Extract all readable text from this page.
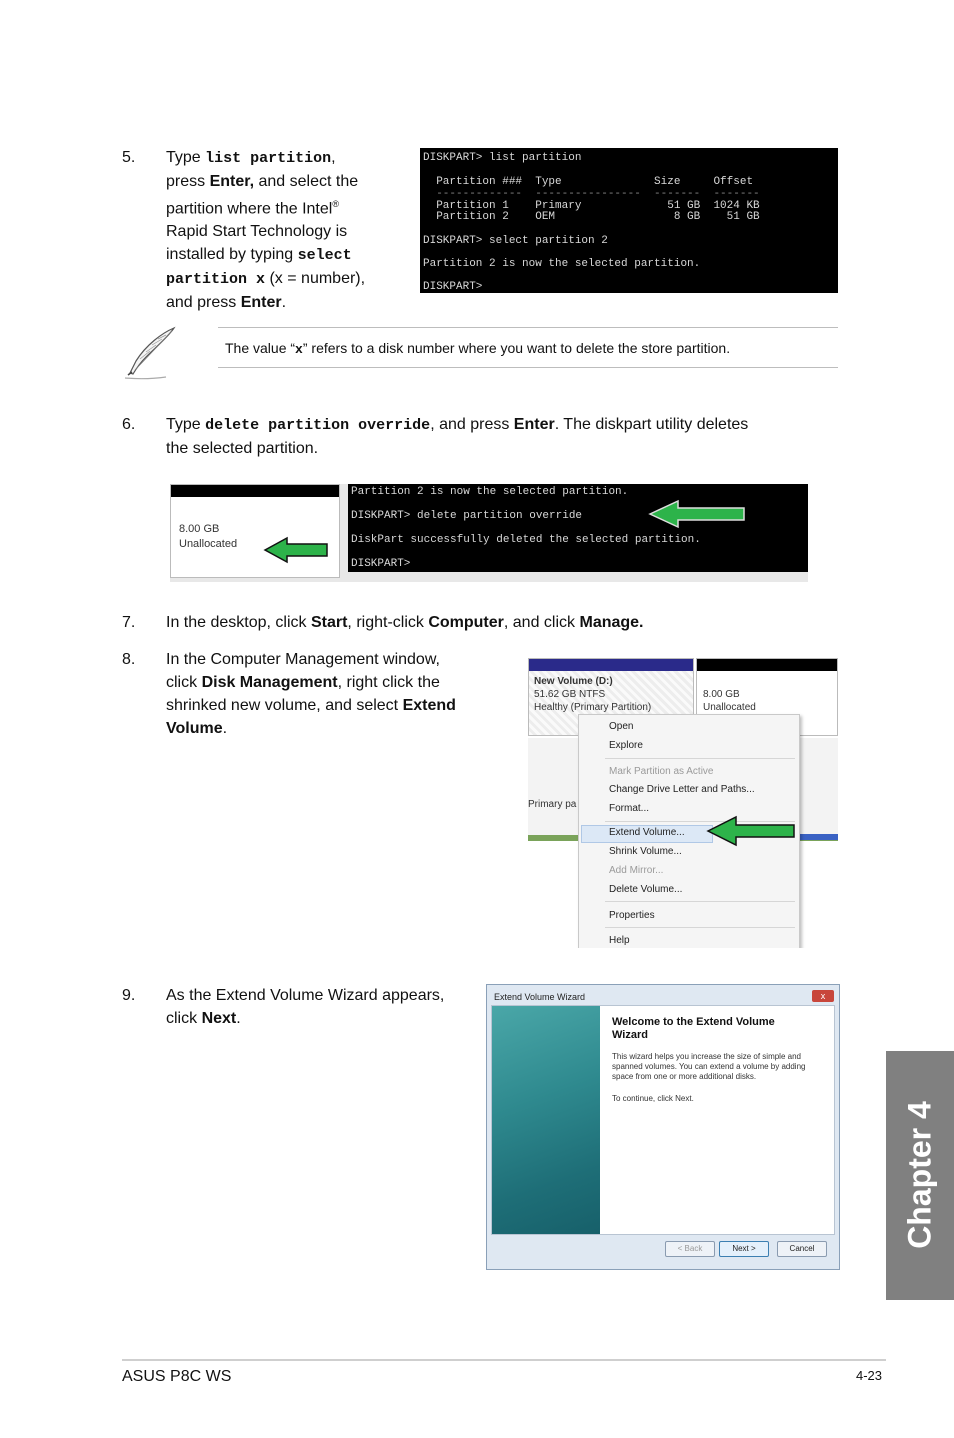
5. Type list partition,
press Enter, and select the
partition where the Intel®
Rapid Start Technology is
installed by typing select
partition x (x = number),
and press Enter.

DISKPART> list partition

Partition ###  Type              Size     Offset

-------------  ----------------  -------  -------

Partition 1    Primary             51 GB  1024 KB

Partition 2    OEM                  8 GB    51 GB

DISKPART> select partition 2

Partition 2 is now the selected partition.

DISKPART>

The value “x” refers to a disk number where you want to delete the store partition.
6. Type delete partition override, and press Enter. The diskpart utility deletes
the selected partition.
8.00 GB
Unallocated

Partition 2 is now the selected partition.

DISKPART> delete partition override

DiskPart successfully deleted the selected partition.

DISKPART>

7. In the desktop, click Start, right-click Computer, and click Manage.
8. In the Computer Management window,
click Disk Management, right click the
shrinked new volume, and select Extend
Volume.
New Volume (D:)
51.62 GB NTFS
Healthy (Primary Partition)
8.00 GB
Unallocated
Primary pa
Open
Explore
Mark Partition as Active
Change Drive Letter and Paths...
Format...
Extend Volume...
Shrink Volume...
Add Mirror...
Delete Volume...
Properties
Help
9. As the Extend Volume Wizard appears,
click Next.
Extend Volume Wizard	x
Welcome to the Extend Volume Wizard
This wizard helps you increase the size of simple and spanned volumes. You can extend a volume by adding space from one or more additional disks.
To continue, click Next.
< Back	Next >	Cancel	Chapter 4
ASUS P8C WS	4-23
